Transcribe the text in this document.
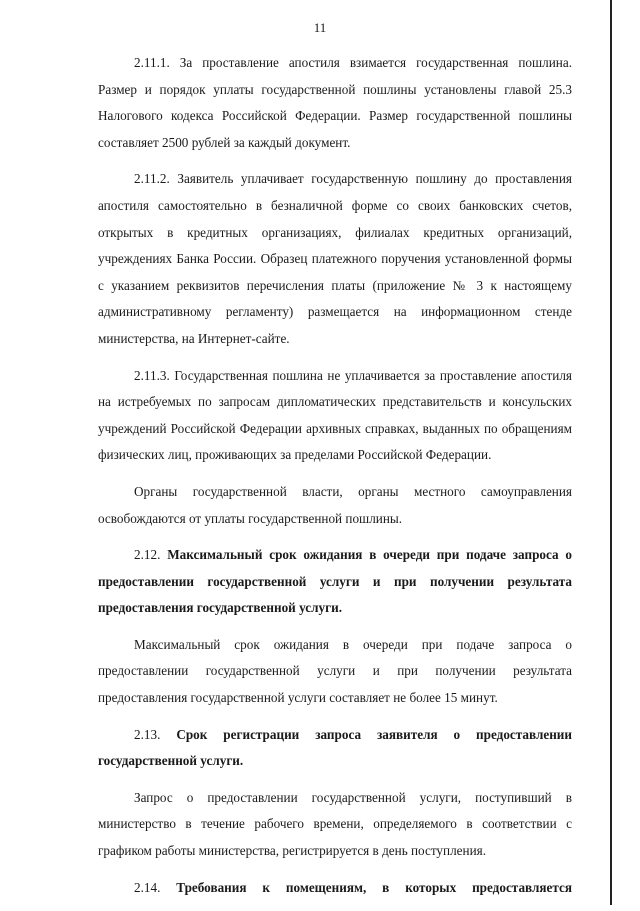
11

2.11.1. За проставление апостиля взимается государственная пошлина. Размер и порядок уплаты государственной пошлины установлены главой 25.3 Налогового кодекса Российской Федерации. Размер государственной пошлины составляет 2500 рублей за каждый документ.

2.11.2. Заявитель уплачивает государственную пошлину до проставления апостиля самостоятельно в безналичной форме со своих банковских счетов, открытых в кредитных организациях, филиалах кредитных организаций, учреждениях Банка России. Образец платежного поручения установленной формы с указанием реквизитов перечисления платы (приложение № 3 к настоящему административному регламенту) размещается на информационном стенде министерства, на Интернет-сайте.

2.11.3. Государственная пошлина не уплачивается за проставление апостиля на истребуемых по запросам дипломатических представительств и консульских учреждений Российской Федерации архивных справках, выданных по обращениям физических лиц, проживающих за пределами Российской Федерации.

Органы государственной власти, органы местного самоуправления освобождаются от уплаты государственной пошлины.

2.12. Максимальный срок ожидания в очереди при подаче запроса о предоставлении государственной услуги и при получении результата предоставления государственной услуги.

Максимальный срок ожидания в очереди при подаче запроса о предоставлении государственной услуги и при получении результата предоставления государственной услуги составляет не более 15 минут.

2.13. Срок регистрации запроса заявителя о предоставлении государственной услуги.

Запрос о предоставлении государственной услуги, поступивший в министерство в течение рабочего времени, определяемого в соответствии с графиком работы министерства, регистрируется в день поступления.

2.14. Требования к помещениям, в которых предоставляется
